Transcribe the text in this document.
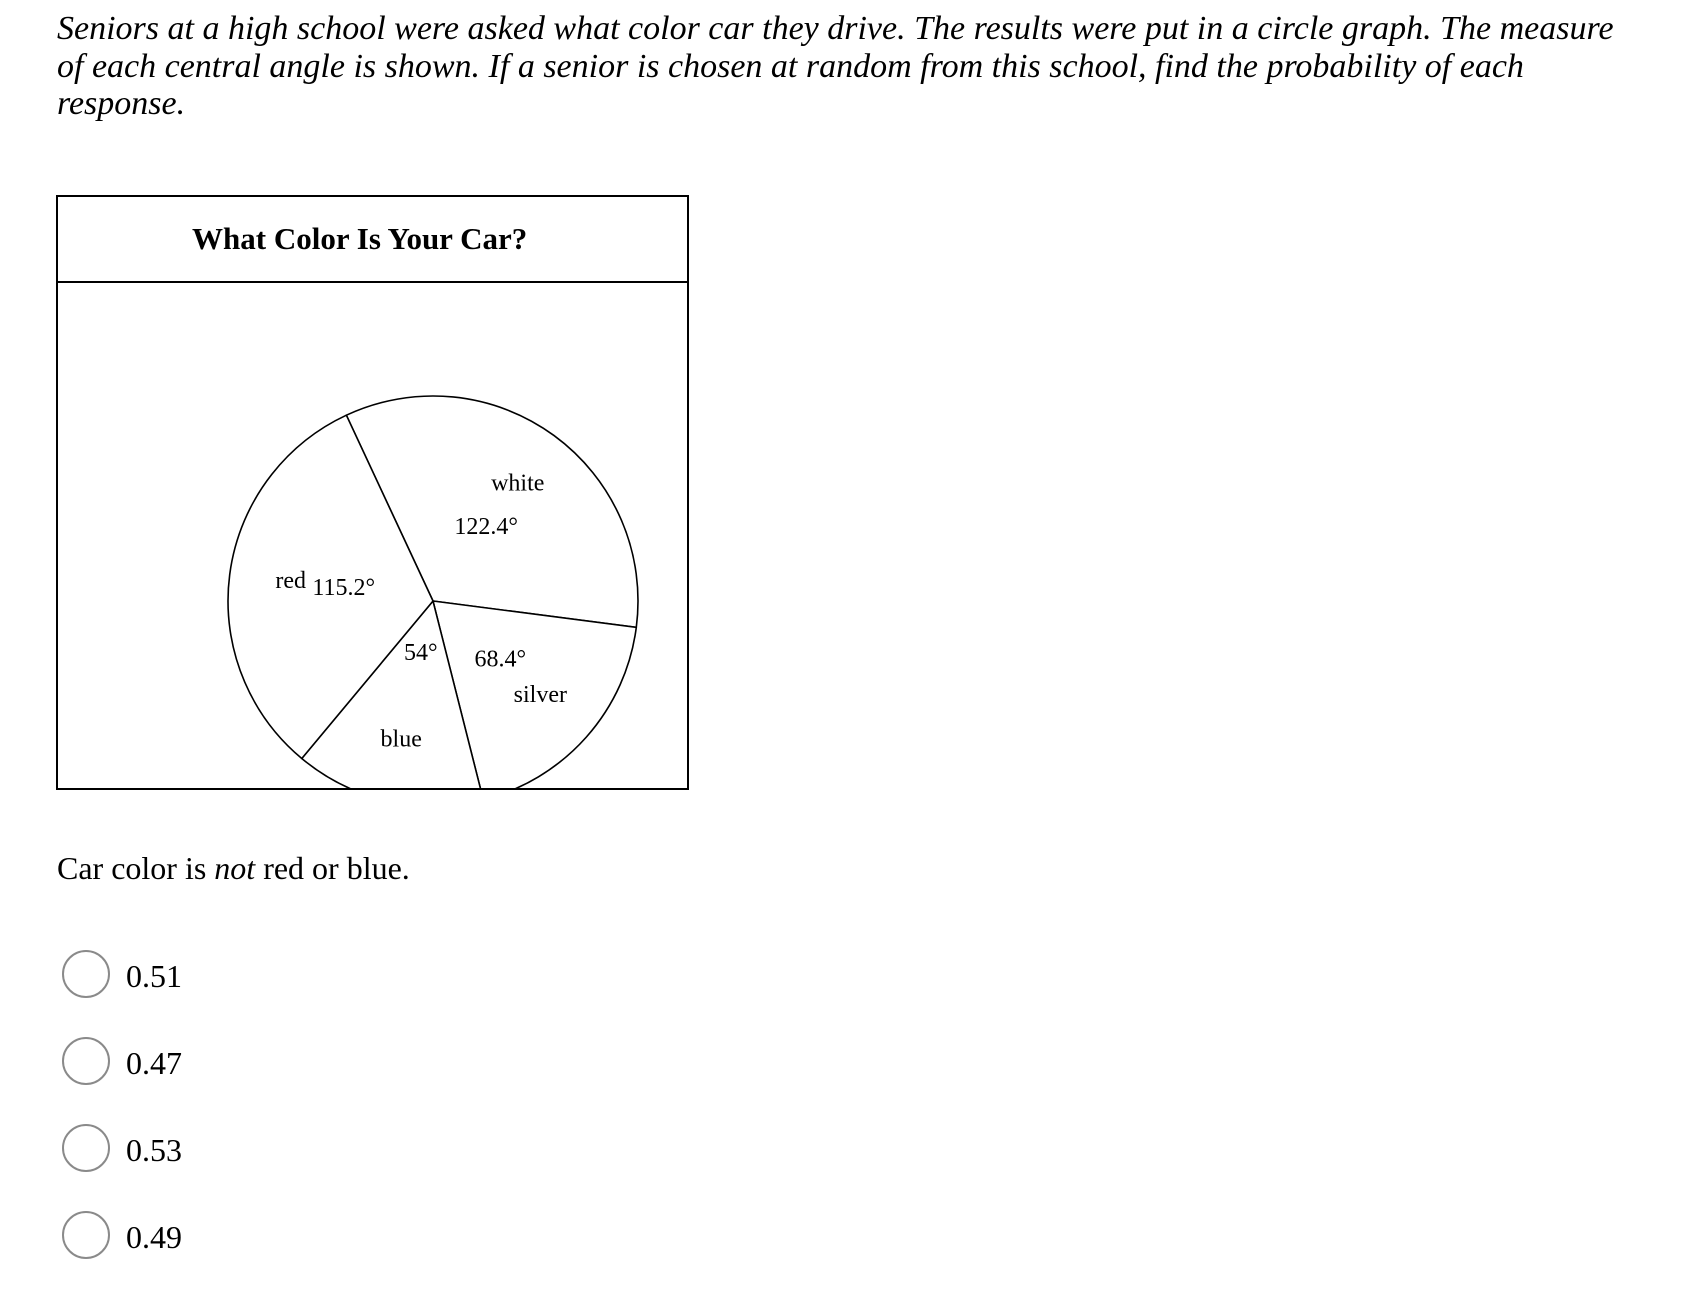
Seniors at a high school were asked what color car they drive. The results were put in a circle graph. The measure
of each central angle is shown. If a senior is chosen at random from this school, find the probability of each
response.

What Color Is Your Car?
white
122.4°
silver
68.4°
blue
54°
red 115.2°

Car color is not red or blue.

0.51
0.47
0.53
0.49
